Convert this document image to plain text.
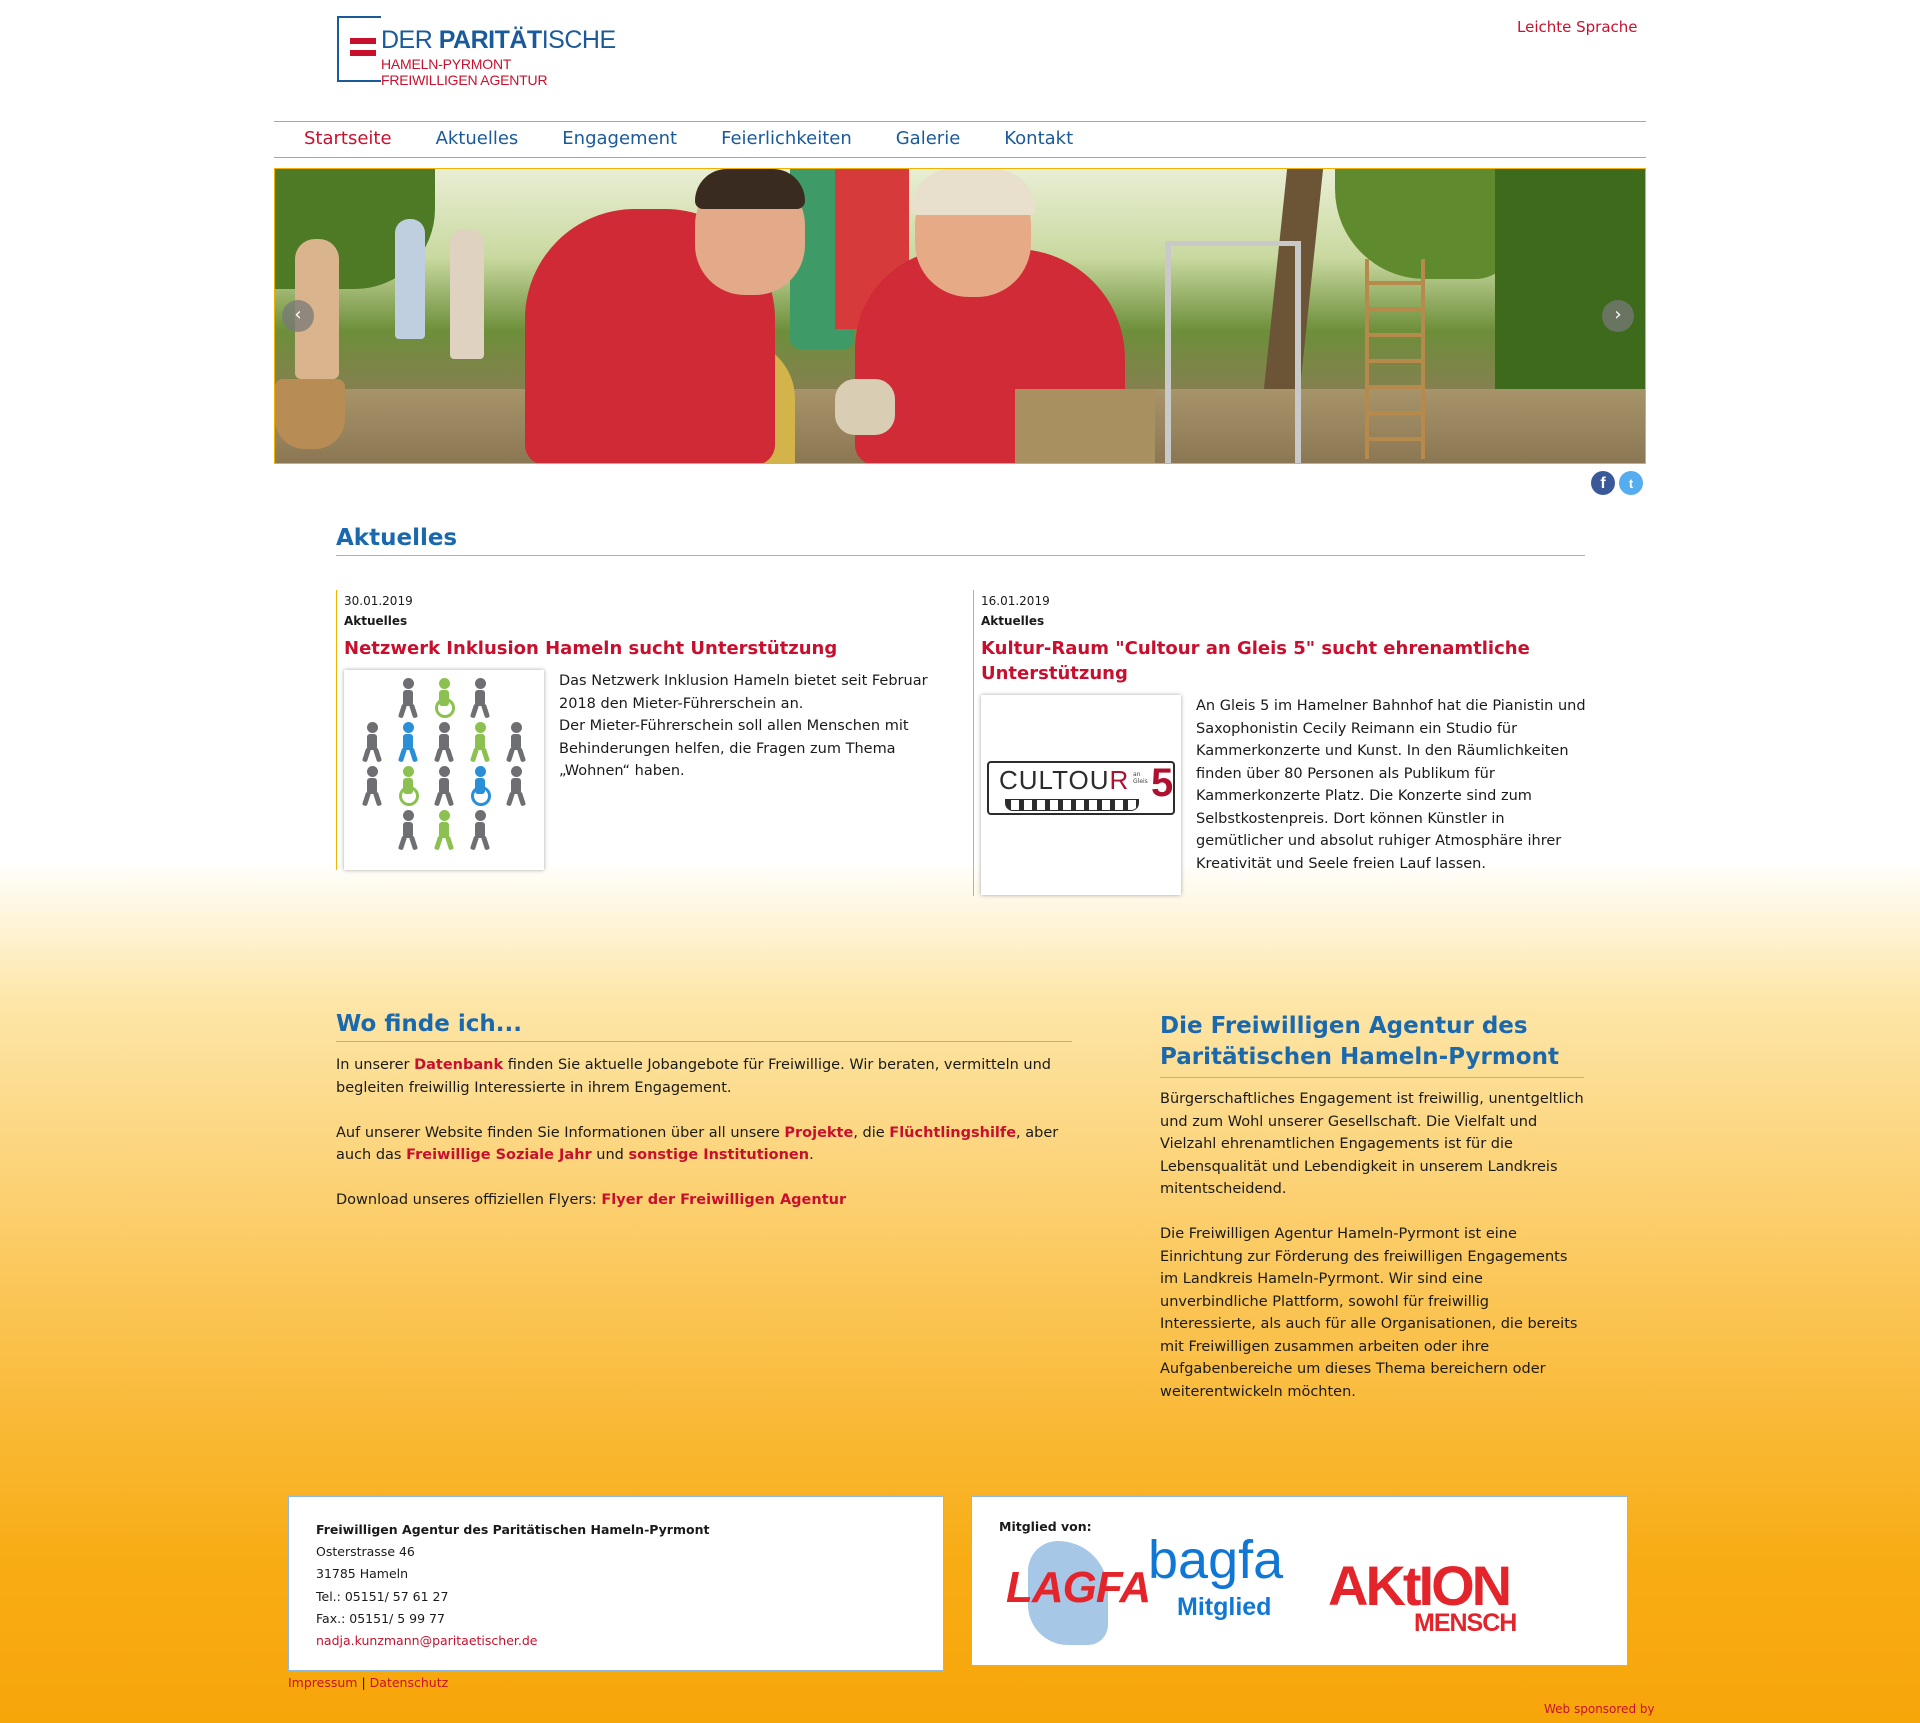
DER PARITÄTISCHE
HAMELN-PYRMONT
FREIWILLIGEN AGENTUR
Leichte Sprache
Startseite Aktuelles Engagement Feierlichkeiten Galerie Kontakt
‹	›
f	t
Aktuelles
30.01.2019
Aktuelles
Netzwerk Inklusion Hameln sucht Unterstützung
Das Netzwerk Inklusion Hameln bietet seit Februar 2018 den Mieter-Führerschein an.
Der Mieter-Führerschein soll allen Menschen mit Behinderungen helfen, die Fragen zum Thema „Wohnen“ haben.
16.01.2019
Aktuelles
Kultur-Raum "Cultour an Gleis 5" sucht ehrenamtliche Unterstützung
CULTOUR an
Gleis 5
An Gleis 5 im Hamelner Bahnhof hat die Pianistin und Saxophonistin Cecily Reimann ein Studio für Kammerkonzerte und Kunst. In den Räumlichkeiten finden über 80 Personen als Publikum für Kammerkonzerte Platz. Die Konzerte sind zum Selbstkostenpreis. Dort können Künstler in gemütlicher und absolut ruhiger Atmosphäre ihrer Kreativität und Seele freien Lauf lassen.
Wo finde ich...

In unserer Datenbank finden Sie aktuelle Jobangebote für Freiwillige. Wir beraten, vermitteln und begleiten freiwillig Interessierte in ihrem Engagement.

Auf unserer Website finden Sie Informationen über all unsere Projekte, die Flüchtlingshilfe, aber auch das Freiwillige Soziale Jahr und sonstige Institutionen.

Download unseres offiziellen Flyers: Flyer der Freiwilligen Agentur

Die Freiwilligen Agentur des Paritätischen Hameln-Pyrmont

Bürgerschaftliches Engagement ist freiwillig, unentgeltlich und zum Wohl unserer Gesellschaft. Die Vielfalt und Vielzahl ehrenamtlichen Engagements ist für die Lebensqualität und Lebendigkeit in unserem Landkreis mitentscheidend.

Die Freiwilligen Agentur Hameln-Pyrmont ist eine Einrichtung zur Förderung des freiwilligen Engagements im Landkreis Hameln-Pyrmont. Wir sind eine unverbindliche Plattform, sowohl für freiwillig Interessierte, als auch für alle Organisationen, die bereits mit Freiwilligen zusammen arbeiten oder ihre Aufgabenbereiche um dieses Thema bereichern oder weiterentwickeln möchten.

Freiwilligen Agentur des Paritätischen Hameln-Pyrmont
Osterstrasse 46
31785 Hameln
Tel.: 05151/ 57 61 27
Fax.: 05151/ 5 99 77
nadja.kunzmann@paritaetischer.de
Mitglied von:
LAGFA
bagfa
Mitglied AKtION
MENSCH
Impressum | Datenschutz
Web sponsored by
